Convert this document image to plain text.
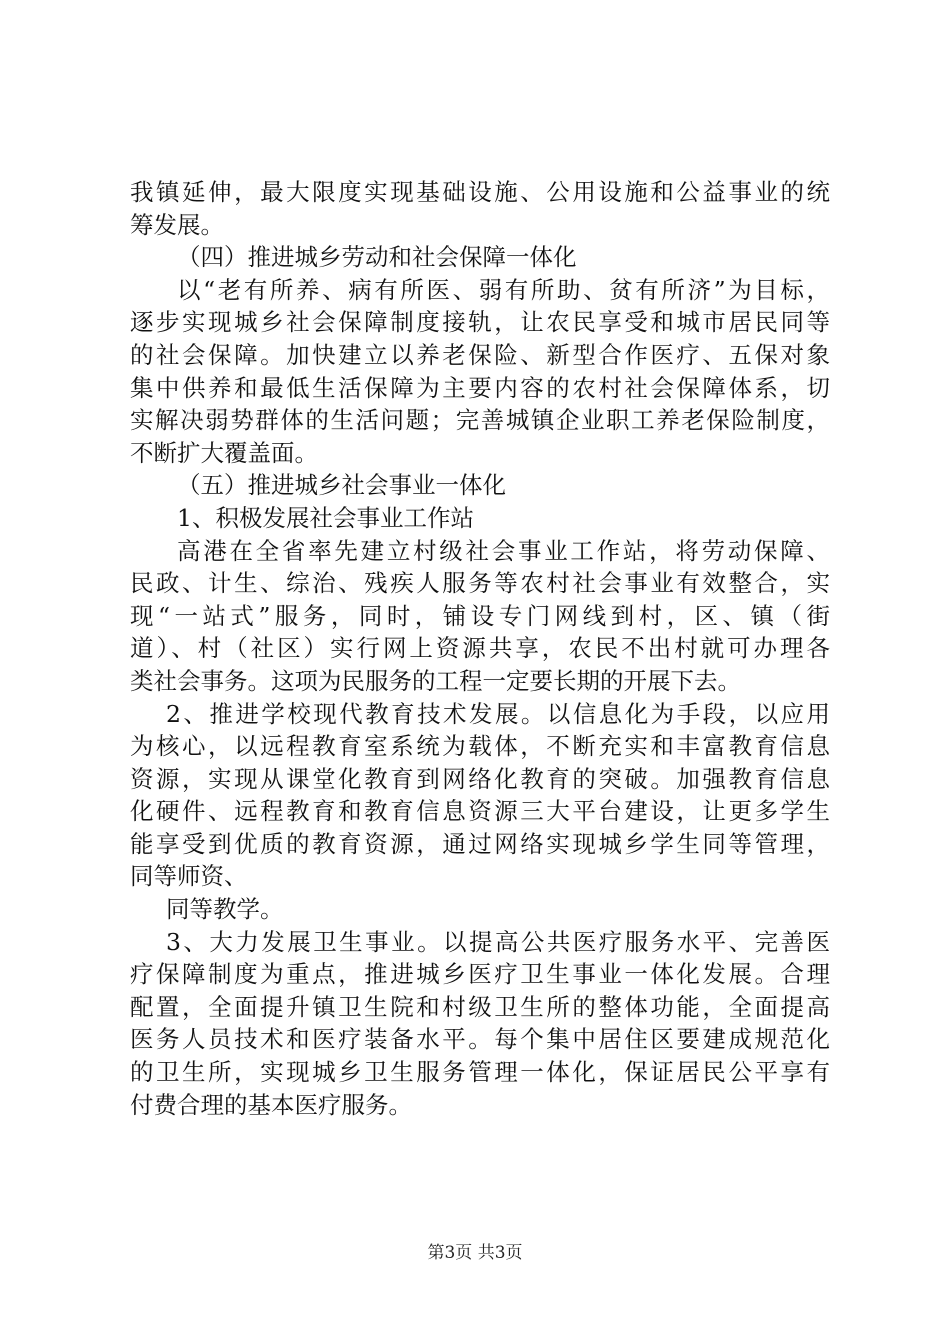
我镇延伸，最大限度实现基础设施、公用设施和公益事业的统
筹发展。
（四）推进城乡劳动和社会保障一体化
以“老有所养、病有所医、弱有所助、贫有所济”为目标，
逐步实现城乡社会保障制度接轨，让农民享受和城市居民同等
的社会保障。加快建立以养老保险、新型合作医疗、五保对象
集中供养和最低生活保障为主要内容的农村社会保障体系，切
实解决弱势群体的生活问题；完善城镇企业职工养老保险制度，
不断扩大覆盖面。
（五）推进城乡社会事业一体化
1、积极发展社会事业工作站
高港在全省率先建立村级社会事业工作站，将劳动保障、
民政、计生、综治、残疾人服务等农村社会事业有效整合，实
现“一站式”服务，同时，铺设专门网线到村，区、镇（街
道）、村（社区）实行网上资源共享，农民不出村就可办理各
类社会事务。这项为民服务的工程一定要长期的开展下去。
2、推进学校现代教育技术发展。以信息化为手段，以应用
为核心，以远程教育室系统为载体，不断充实和丰富教育信息
资源，实现从课堂化教育到网络化教育的突破。加强教育信息
化硬件、远程教育和教育信息资源三大平台建设，让更多学生
能享受到优质的教育资源，通过网络实现城乡学生同等管理，
同等师资、
同等教学。
3、大力发展卫生事业。以提高公共医疗服务水平、完善医
疗保障制度为重点，推进城乡医疗卫生事业一体化发展。合理
配置，全面提升镇卫生院和村级卫生所的整体功能，全面提高
医务人员技术和医疗装备水平。每个集中居住区要建成规范化
的卫生所，实现城乡卫生服务管理一体化，保证居民公平享有
付费合理的基本医疗服务。
第3页 共3页
